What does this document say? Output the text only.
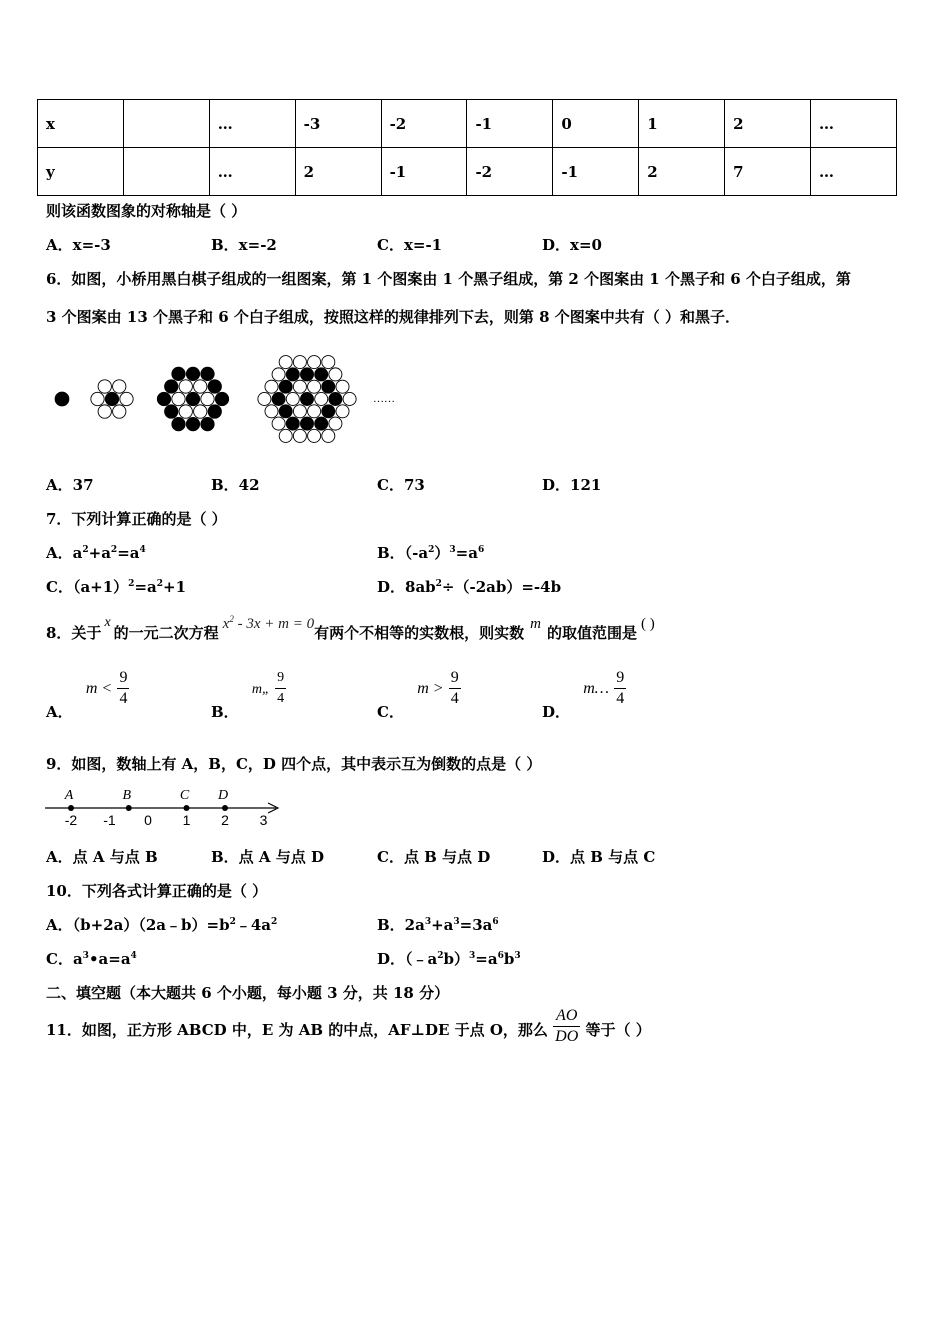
x		…	-3	-2	-1	0	1	2	…
y		…	2	-1	-2	-1	2	7	…
则该函数图象的对称轴是（ ）
A．x=-3	B．x=-2	C．x=-1	D．x=0
6．如图，小桥用黑白棋子组成的一组图案，第 1 个图案由 1 个黑子组成，第 2 个图案由 1 个黑子和 6 个白子组成，第
3 个图案由 13 个黑子和 6 个白子组成，按照这样的规律排列下去，则第 8 个图案中共有（ ）和黑子．
……
A．37	B．42	C．73	D．121
7．下列计算正确的是（ ）
A．$a^2+a^2=a^4$	B．$(-a^2)^3=a^6$
C．$(a+1)^2=a^2+1$	D．$8ab^2\div(-2ab)=-4b$
8．关于x的一元二次方程 $x^2 - 3x + m = 0$有两个不相等的实数根，则实数 m 的取值范围是 ( )
A． $m < \frac{9}{4}$
B． m„ $\frac{9}{4}$
C． $m > \frac{9}{4}$
D． m… $\frac{9}{4}$
9．如图，数轴上有 A，B，C，D 四个点，其中表示互为倒数的点是（ ）
-2 -1 0 1 2 3
A	B	C D
A．点 A 与点 B	B．点 A 与点 D	C．点 B 与点 D	D．点 B 与点 C
10．下列各式计算正确的是（ ）
A．$(b+2a)(2a﹣b)=b^2﹣4a^2$	B．$2a^3+a^3=3a^6$
C．$a^3•a=a^4$	D．$(﹣a^2b)^3=a^6b^3$
二、填空题（本大题共 6 个小题，每小题 3 分，共 18 分）
11．如图，正方形 ABCD 中，E 为 AB 的中点，AF⊥DE 于点 O，那么 $\frac{AO}{DO}$ 等于（ ）
